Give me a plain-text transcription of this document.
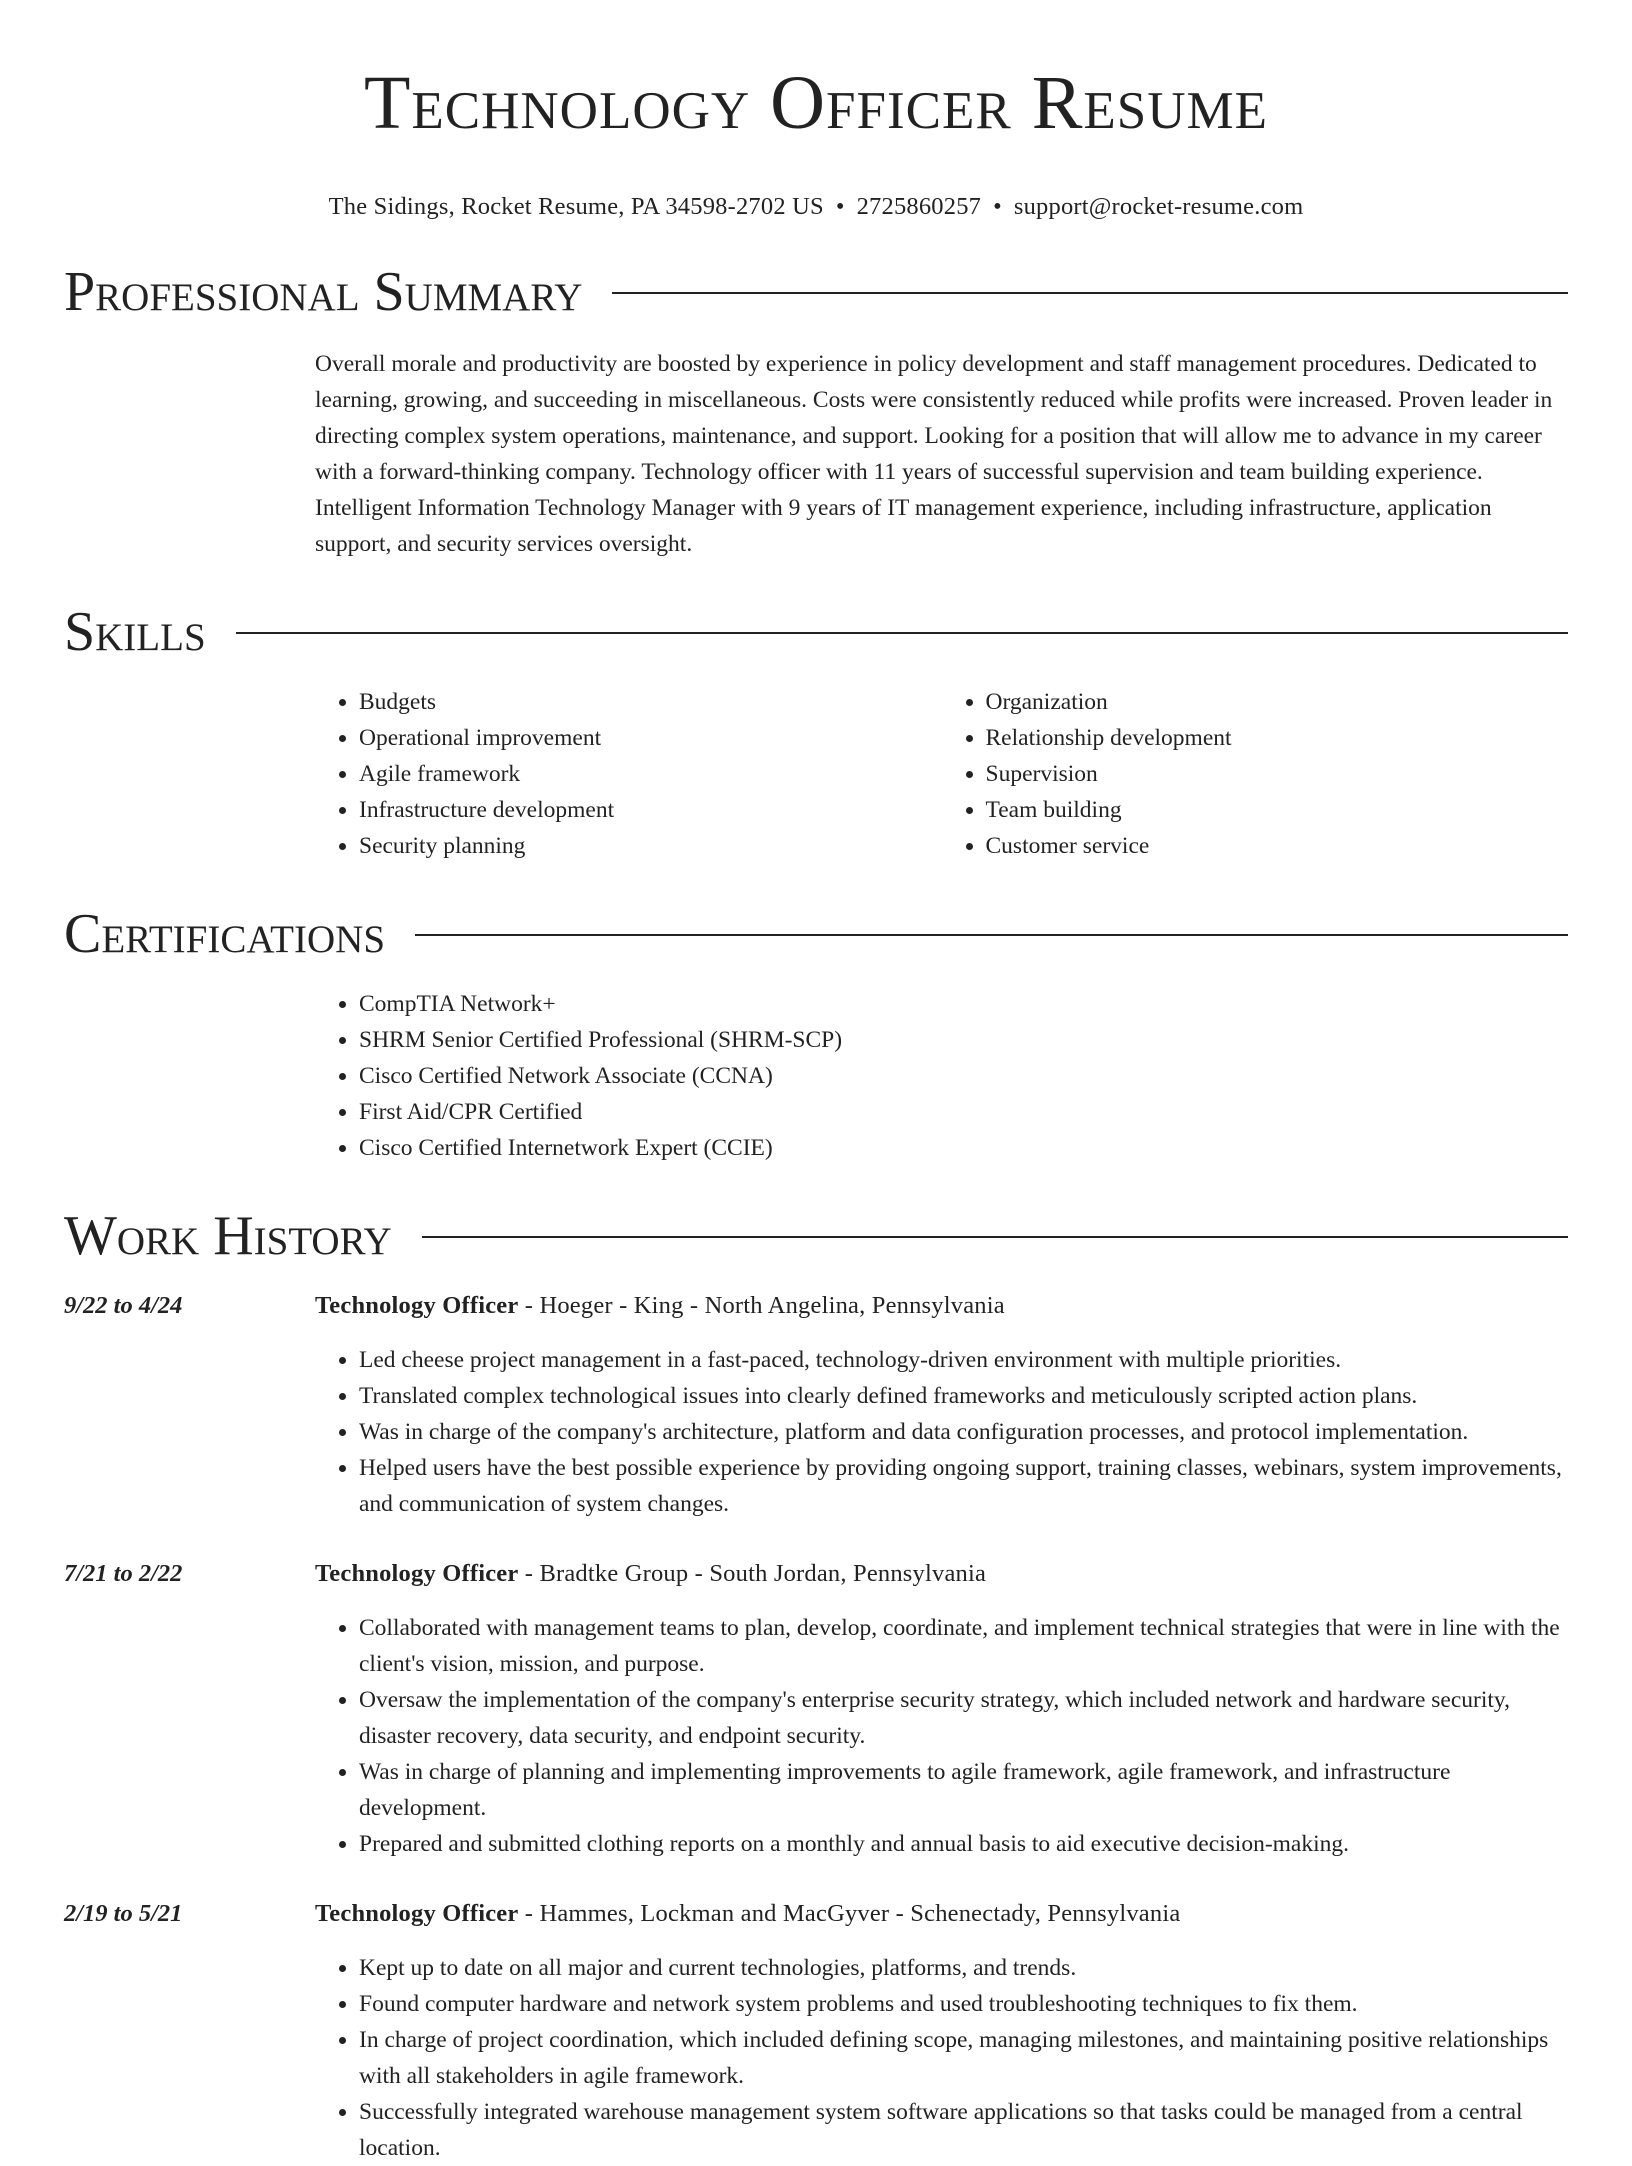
Technology Officer Resume
The Sidings, Rocket Resume, PA 34598-2702 US • 2725860257 • support@rocket-resume.com
Professional Summary

Overall morale and productivity are boosted by experience in policy development and staff management procedures. Dedicated to learning, growing, and succeeding in miscellaneous. Costs were consistently reduced while profits were increased. Proven leader in directing complex system operations, maintenance, and support. Looking for a position that will allow me to advance in my career with a forward-thinking company. Technology officer with 11 years of successful supervision and team building experience. Intelligent Information Technology Manager with 9 years of IT management experience, including infrastructure, application support, and security services oversight.

Skills
• Budgets
• Operational improvement
• Agile framework
• Infrastructure development
• Security planning
• Organization
• Relationship development
• Supervision
• Team building
• Customer service
Certifications
• CompTIA Network+
• SHRM Senior Certified Professional (SHRM-SCP)
• Cisco Certified Network Associate (CCNA)
• First Aid/CPR Certified
• Cisco Certified Internetwork Expert (CCIE)
Work History
9/22 to 4/24	Technology Officer - Hoeger - King - North Angelina, Pennsylvania
• Led cheese project management in a fast-paced, technology-driven environment with multiple priorities.
• Translated complex technological issues into clearly defined frameworks and meticulously scripted action plans.
• Was in charge of the company's architecture, platform and data configuration processes, and protocol implementation.
• Helped users have the best possible experience by providing ongoing support, training classes, webinars, system improvements, and communication of system changes.
7/21 to 2/22	Technology Officer - Bradtke Group - South Jordan, Pennsylvania
• Collaborated with management teams to plan, develop, coordinate, and implement technical strategies that were in line with the client's vision, mission, and purpose.
• Oversaw the implementation of the company's enterprise security strategy, which included network and hardware security, disaster recovery, data security, and endpoint security.
• Was in charge of planning and implementing improvements to agile framework, agile framework, and infrastructure development.
• Prepared and submitted clothing reports on a monthly and annual basis to aid executive decision-making.
2/19 to 5/21	Technology Officer - Hammes, Lockman and MacGyver - Schenectady, Pennsylvania
• Kept up to date on all major and current technologies, platforms, and trends.
• Found computer hardware and network system problems and used troubleshooting techniques to fix them.
• In charge of project coordination, which included defining scope, managing milestones, and maintaining positive relationships with all stakeholders in agile framework.
• Successfully integrated warehouse management system software applications so that tasks could be managed from a central location.
